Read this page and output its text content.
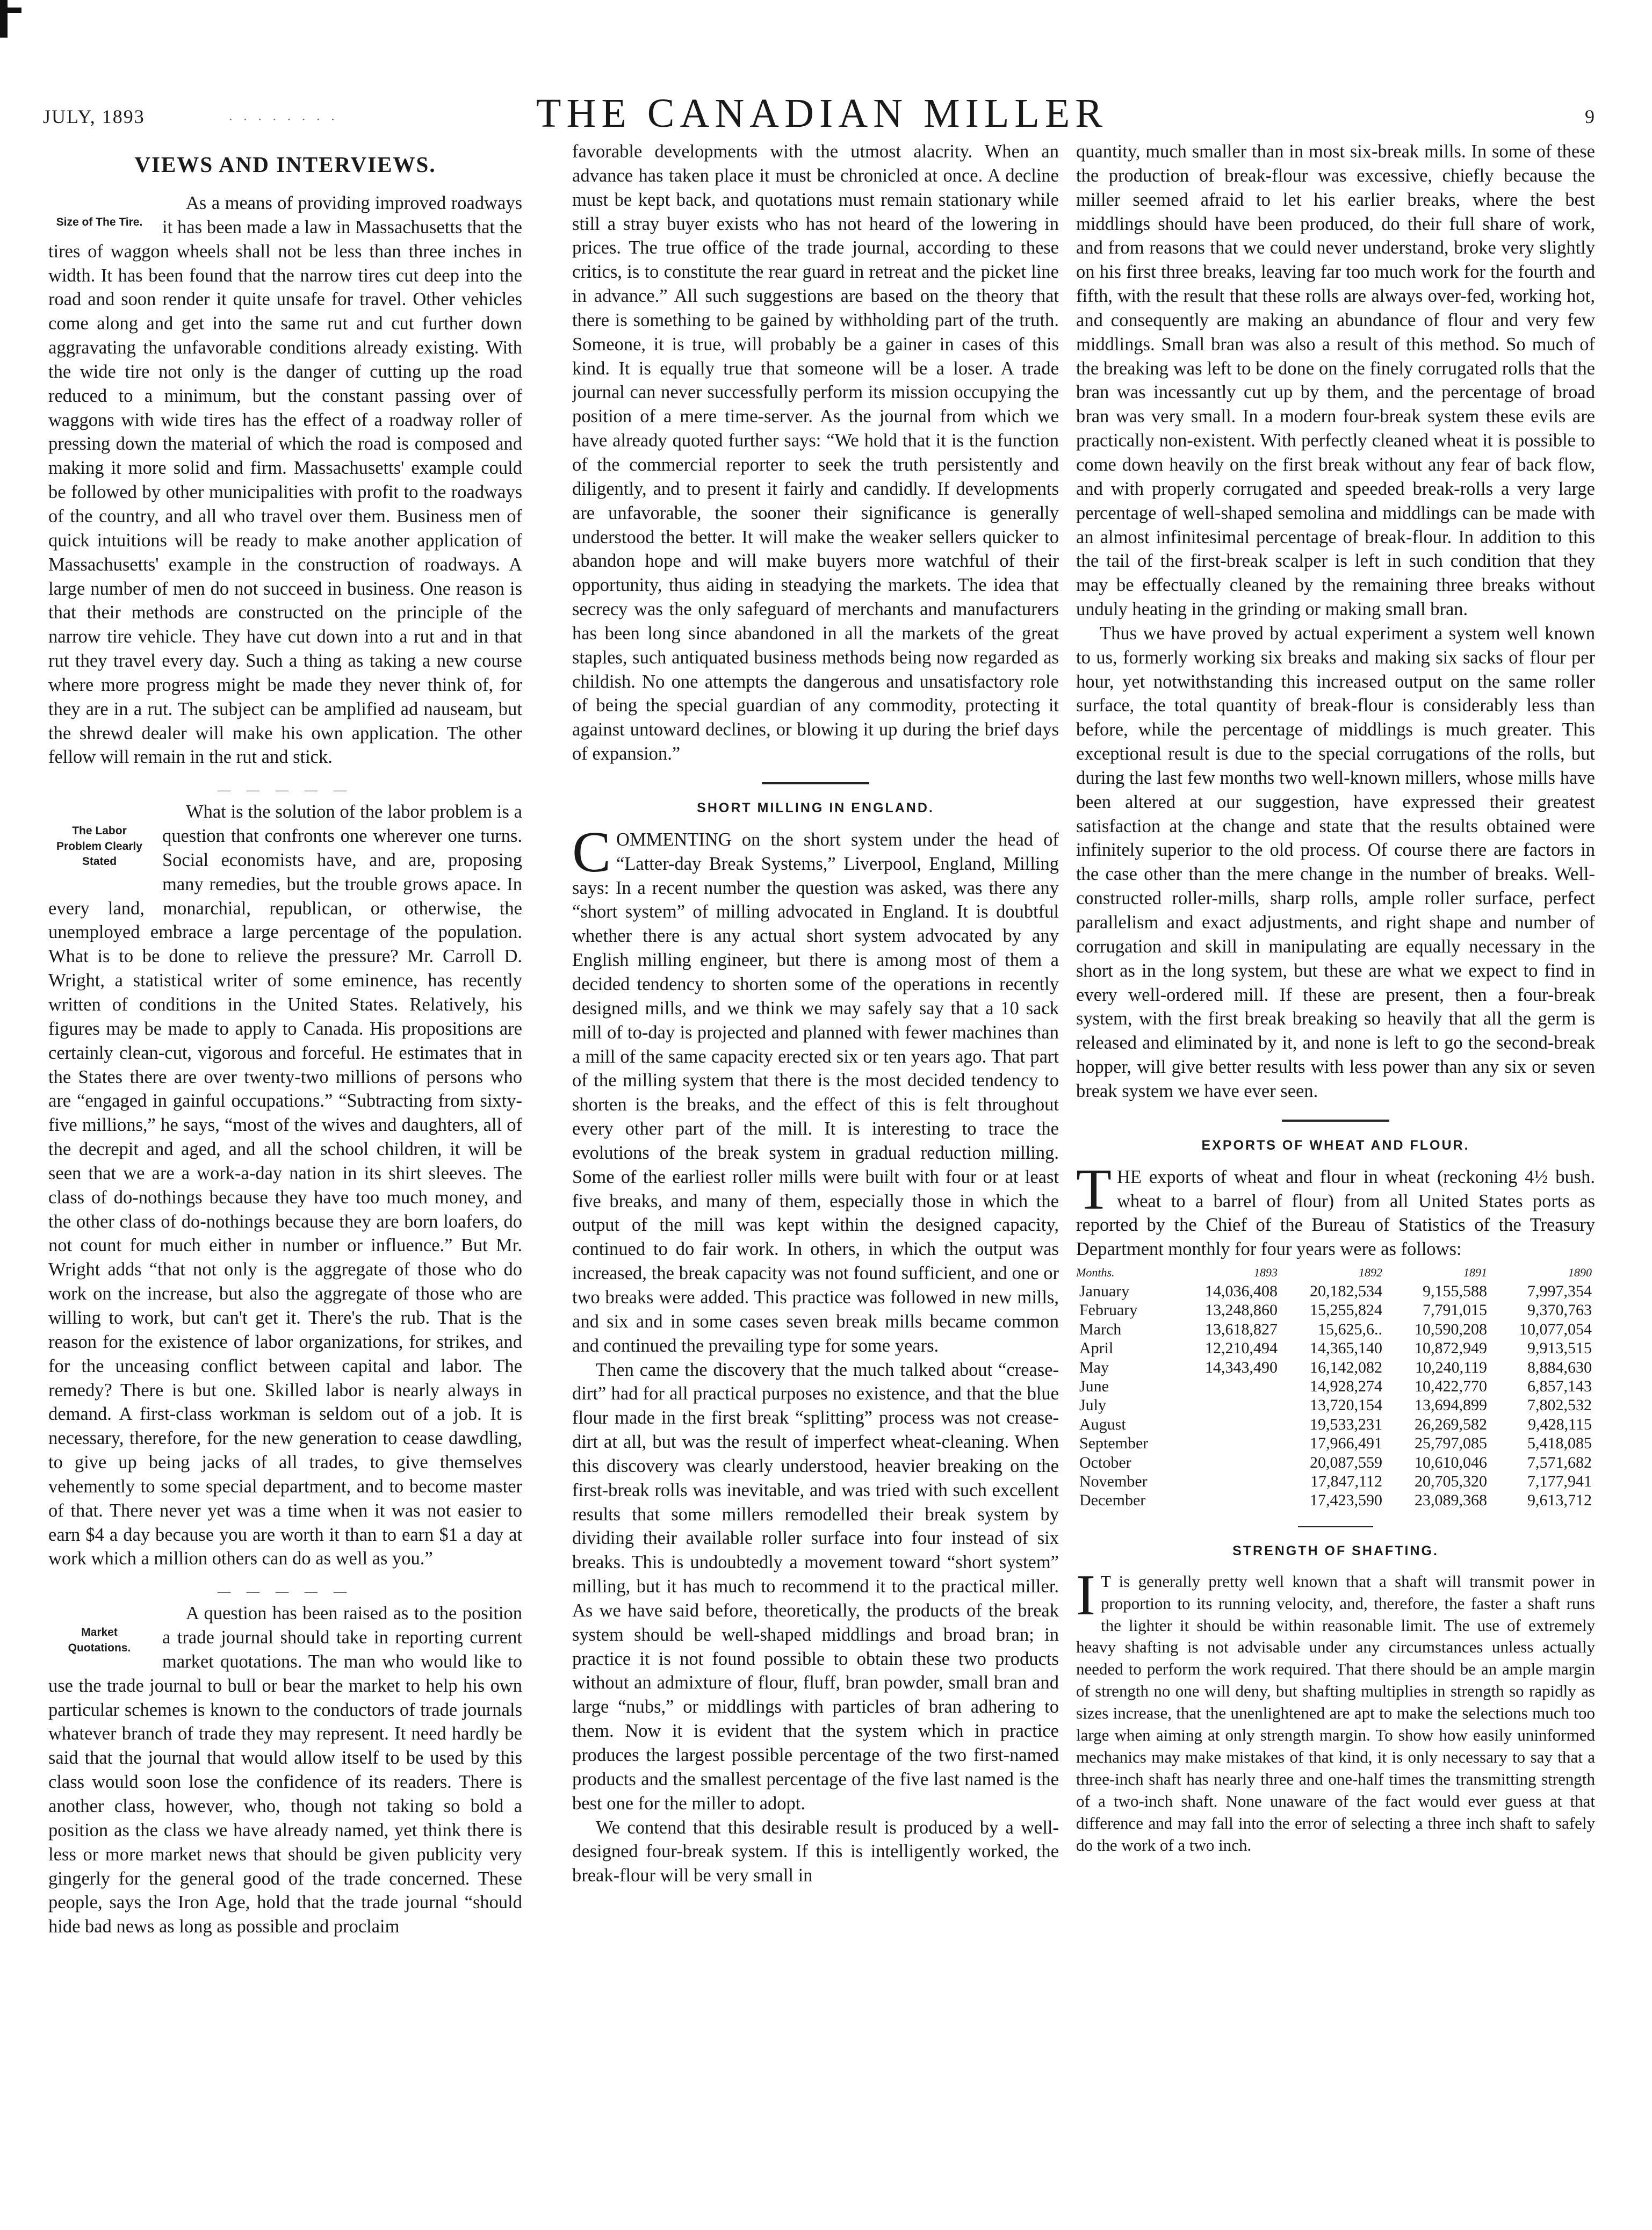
JULY, 1893	· · · · · · · ·	THE CANADIAN MILLER	9
VIEWS AND INTERVIEWS.
Size of The Tire.

As a means of providing improved roadways it has been made a law in Massachusetts that the tires of waggon wheels shall not be less than three inches in width. It has been found that the narrow tires cut deep into the road and soon render it quite unsafe for travel. Other vehicles come along and get into the same rut and cut further down aggravating the unfavorable conditions already existing. With the wide tire not only is the danger of cutting up the road reduced to a minimum, but the constant passing over of waggons with wide tires has the effect of a roadway roller of pressing down the material of which the road is composed and making it more solid and firm. Massachusetts' example could be followed by other municipalities with profit to the roadways of the country, and all who travel over them. Business men of quick intuitions will be ready to make another application of Massachusetts' example in the construction of roadways. A large number of men do not succeed in business. One reason is that their methods are constructed on the principle of the narrow tire vehicle. They have cut down into a rut and in that rut they travel every day. Such a thing as taking a new course where more progress might be made they never think of, for they are in a rut. The subject can be amplified ad nauseam, but the shrewd dealer will make his own application. The other fellow will remain in the rut and stick.

— — — — —
The Labor Problem Clearly Stated

What is the solution of the labor problem is a question that confronts one wherever one turns. Social economists have, and are, proposing many remedies, but the trouble grows apace. In every land, monarchial, republican, or otherwise, the unemployed embrace a large percentage of the population. What is to be done to relieve the pressure? Mr. Carroll D. Wright, a statistical writer of some eminence, has recently written of conditions in the United States. Relatively, his figures may be made to apply to Canada. His propositions are certainly clean-cut, vigorous and forceful. He estimates that in the States there are over twenty-two millions of persons who are “engaged in gainful occupations.” “Subtracting from sixty-five millions,” he says, “most of the wives and daughters, all of the decrepit and aged, and all the school children, it will be seen that we are a work-a-day nation in its shirt sleeves. The class of do-nothings because they have too much money, and the other class of do-nothings because they are born loafers, do not count for much either in number or influence.” But Mr. Wright adds “that not only is the aggregate of those who do work on the increase, but also the aggregate of those who are willing to work, but can't get it. There's the rub. That is the reason for the existence of labor organizations, for strikes, and for the unceasing conflict between capital and labor. The remedy? There is but one. Skilled labor is nearly always in demand. A first-class workman is seldom out of a job. It is necessary, therefore, for the new generation to cease dawdling, to give up being jacks of all trades, to give themselves vehemently to some special department, and to become master of that. There never yet was a time when it was not easier to earn $4 a day because you are worth it than to earn $1 a day at work which a million others can do as well as you.”

— — — — —
Market Quotations.

A question has been raised as to the position a trade journal should take in reporting current market quotations. The man who would like to use the trade journal to bull or bear the market to help his own particular schemes is known to the conductors of trade journals whatever branch of trade they may represent. It need hardly be said that the journal that would allow itself to be used by this class would soon lose the confidence of its readers. There is another class, however, who, though not taking so bold a position as the class we have already named, yet think there is less or more market news that should be given publicity very gingerly for the general good of the trade concerned. These people, says the Iron Age, hold that the trade journal “should hide bad news as long as possible and proclaim

favorable developments with the utmost alacrity. When an advance has taken place it must be chronicled at once. A decline must be kept back, and quotations must remain stationary while still a stray buyer exists who has not heard of the lowering in prices. The true office of the trade journal, according to these critics, is to constitute the rear guard in retreat and the picket line in advance.” All such suggestions are based on the theory that there is something to be gained by withholding part of the truth. Someone, it is true, will probably be a gainer in cases of this kind. It is equally true that someone will be a loser. A trade journal can never successfully perform its mission occupying the position of a mere time-server. As the journal from which we have already quoted further says: “We hold that it is the function of the commercial reporter to seek the truth persistently and diligently, and to present it fairly and candidly. If developments are unfavorable, the sooner their significance is generally understood the better. It will make the weaker sellers quicker to abandon hope and will make buyers more watchful of their opportunity, thus aiding in steadying the markets. The idea that secrecy was the only safeguard of merchants and manufacturers has been long since abandoned in all the markets of the great staples, such antiquated business methods being now regarded as childish. No one attempts the dangerous and unsatisfactory role of being the special guardian of any commodity, protecting it against untoward declines, or blowing it up during the brief days of expansion.”

SHORT MILLING IN ENGLAND.

COMMENTING on the short system under the head of “Latter-day Break Systems,” Liverpool, England, Milling says: In a recent number the question was asked, was there any “short system” of milling advocated in England. It is doubtful whether there is any actual short system advocated by any English milling engineer, but there is among most of them a decided tendency to shorten some of the operations in recently designed mills, and we think we may safely say that a 10 sack mill of to-day is projected and planned with fewer machines than a mill of the same capacity erected six or ten years ago. That part of the milling system that there is the most decided tendency to shorten is the breaks, and the effect of this is felt throughout every other part of the mill. It is interesting to trace the evolutions of the break system in gradual reduction milling. Some of the earliest roller mills were built with four or at least five breaks, and many of them, especially those in which the output of the mill was kept within the designed capacity, continued to do fair work. In others, in which the output was increased, the break capacity was not found sufficient, and one or two breaks were added. This practice was followed in new mills, and six and in some cases seven break mills became common and continued the prevailing type for some years.

Then came the discovery that the much talked about “crease-dirt” had for all practical purposes no existence, and that the blue flour made in the first break “splitting” process was not crease-dirt at all, but was the result of imperfect wheat-cleaning. When this discovery was clearly understood, heavier breaking on the first-break rolls was inevitable, and was tried with such excellent results that some millers remodelled their break system by dividing their available roller surface into four instead of six breaks. This is undoubtedly a movement toward “short system” milling, but it has much to recommend it to the practical miller. As we have said before, theoretically, the products of the break system should be well-shaped middlings and broad bran; in practice it is not found possible to obtain these two products without an admixture of flour, fluff, bran powder, small bran and large “nubs,” or middlings with particles of bran adhering to them. Now it is evident that the system which in practice produces the largest possible percentage of the two first-named products and the smallest percentage of the five last named is the best one for the miller to adopt.

We contend that this desirable result is produced by a well-designed four-break system. If this is intelligently worked, the break-flour will be very small in

quantity, much smaller than in most six-break mills. In some of these the production of break-flour was excessive, chiefly because the miller seemed afraid to let his earlier breaks, where the best middlings should have been produced, do their full share of work, and from reasons that we could never understand, broke very slightly on his first three breaks, leaving far too much work for the fourth and fifth, with the result that these rolls are always over-fed, working hot, and consequently are making an abundance of flour and very few middlings. Small bran was also a result of this method. So much of the breaking was left to be done on the finely corrugated rolls that the bran was incessantly cut up by them, and the percentage of broad bran was very small. In a modern four-break system these evils are practically non-existent. With perfectly cleaned wheat it is possible to come down heavily on the first break without any fear of back flow, and with properly corrugated and speeded break-rolls a very large percentage of well-shaped semolina and middlings can be made with an almost infinitesimal percentage of break-flour. In addition to this the tail of the first-break scalper is left in such condition that they may be effectually cleaned by the remaining three breaks without unduly heating in the grinding or making small bran.

Thus we have proved by actual experiment a system well known to us, formerly working six breaks and making six sacks of flour per hour, yet notwithstanding this increased output on the same roller surface, the total quantity of break-flour is considerably less than before, while the percentage of middlings is much greater. This exceptional result is due to the special corrugations of the rolls, but during the last few months two well-known millers, whose mills have been altered at our suggestion, have expressed their greatest satisfaction at the change and state that the results obtained were infinitely superior to the old process. Of course there are factors in the case other than the mere change in the number of breaks. Well-constructed roller-mills, sharp rolls, ample roller surface, perfect parallelism and exact adjustments, and right shape and number of corrugation and skill in manipulating are equally necessary in the short as in the long system, but these are what we expect to find in every well-ordered mill. If these are present, then a four-break system, with the first break breaking so heavily that all the germ is released and eliminated by it, and none is left to go the second-break hopper, will give better results with less power than any six or seven break system we have ever seen.

EXPORTS OF WHEAT AND FLOUR.

THE exports of wheat and flour in wheat (reckoning 4½ bush. wheat to a barrel of flour) from all United States ports as reported by the Chief of the Bureau of Statistics of the Treasury Department monthly for four years were as follows:

Months.	1893	1892	1891	1890
January	14,036,408	20,182,534	9,155,588	7,997,354
February	13,248,860	15,255,824	7,791,015	9,370,763
March	13,618,827	15,625,6..	10,590,208	10,077,054
April	12,210,494	14,365,140	10,872,949	9,913,515
May	14,343,490	16,142,082	10,240,119	8,884,630
June		14,928,274	10,422,770	6,857,143
July		13,720,154	13,694,899	7,802,532
August		19,533,231	26,269,582	9,428,115
September		17,966,491	25,797,085	5,418,085
October		20,087,559	10,610,046	7,571,682
November		17,847,112	20,705,320	7,177,941
December		17,423,590	23,089,368	9,613,712
STRENGTH OF SHAFTING.

I T is generally pretty well known that a shaft will transmit power in proportion to its running velocity, and, therefore, the faster a shaft runs the lighter it should be within reasonable limit. The use of extremely heavy shafting is not advisable under any circumstances unless actually needed to perform the work required. That there should be an ample margin of strength no one will deny, but shafting multiplies in strength so rapidly as sizes increase, that the unenlightened are apt to make the selections much too large when aiming at only strength margin. To show how easily uninformed mechanics may make mistakes of that kind, it is only necessary to say that a three-inch shaft has nearly three and one-half times the transmitting strength of a two-inch shaft. None unaware of the fact would ever guess at that difference and may fall into the error of selecting a three inch shaft to safely do the work of a two inch.
